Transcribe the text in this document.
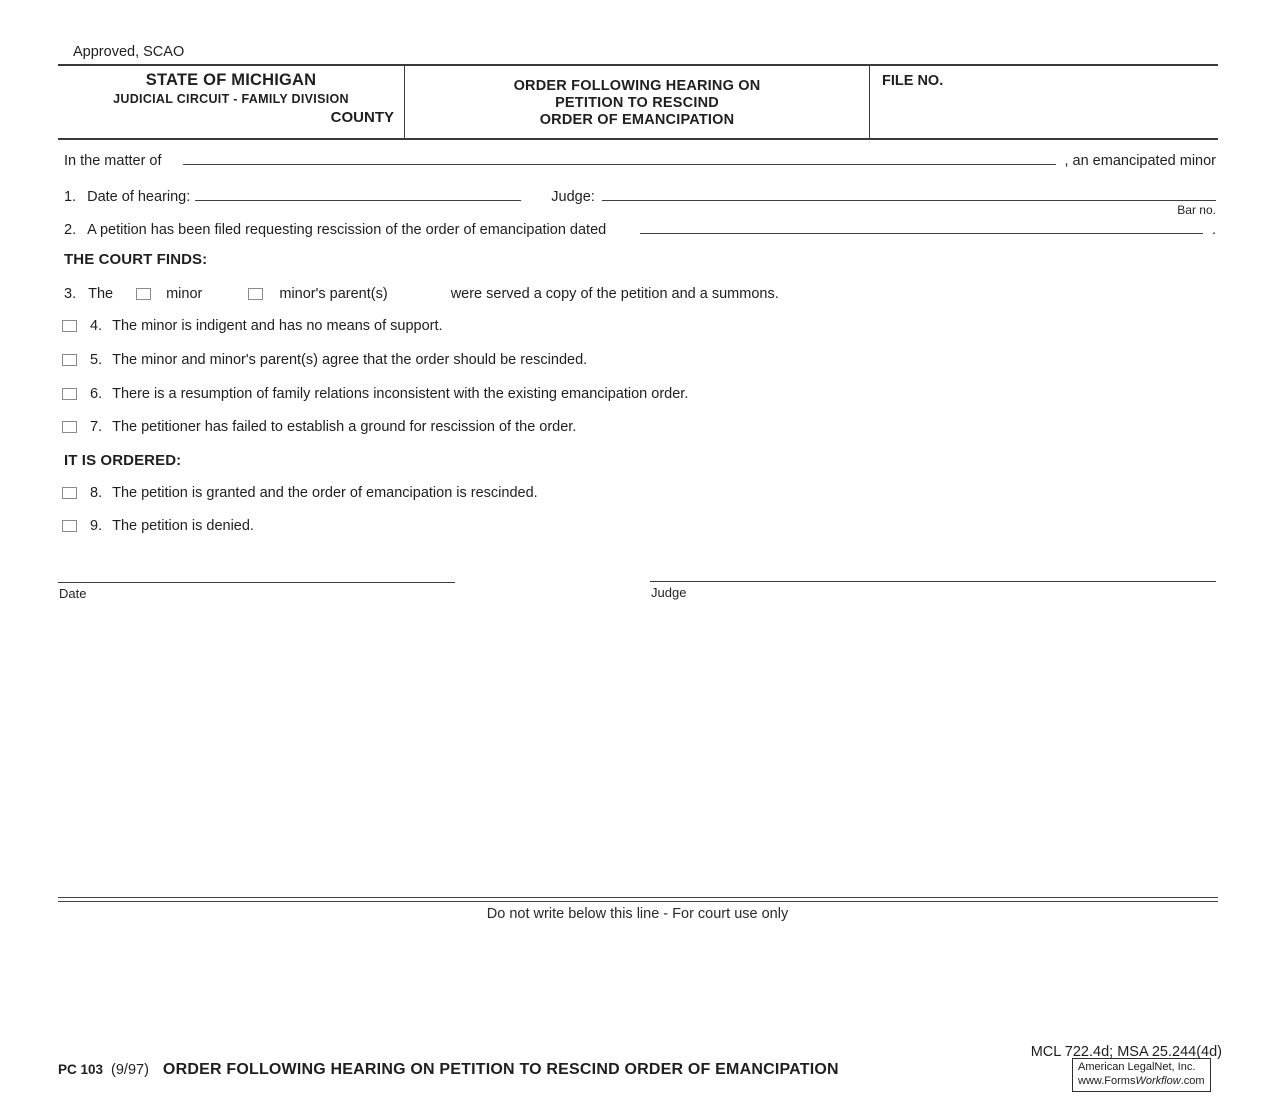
Approved, SCAO
STATE OF MICHIGAN
JUDICIAL CIRCUIT - FAMILY DIVISION
COUNTY
ORDER FOLLOWING HEARING ON
PETITION TO RESCIND
ORDER OF EMANCIPATION
FILE NO.
In the matter of	, an emancipated minor
1. Date of hearing:	Judge:
Bar no.
2. A petition has been filed requesting rescission of the order of emancipation dated	.
THE COURT FINDS:
3. The	minor	minor's parent(s)	were served a copy of the petition and a summons.
4. The minor is indigent and has no means of support.
5. The minor and minor's parent(s) agree that the order should be rescinded.
6. There is a resumption of family relations inconsistent with the existing emancipation order.
7. The petitioner has failed to establish a ground for rescission of the order.
IT IS ORDERED:
8. The petition is granted and the order of emancipation is rescinded.
9. The petition is denied.
Date	Judge
Do not write below this line - For court use only
MCL 722.4d; MSA 25.244(4d)
PC 103 (9/97) ORDER FOLLOWING HEARING ON PETITION TO RESCIND ORDER OF EMANCIPATION	American LegalNet, Inc.
www.FormsWorkflow.com
